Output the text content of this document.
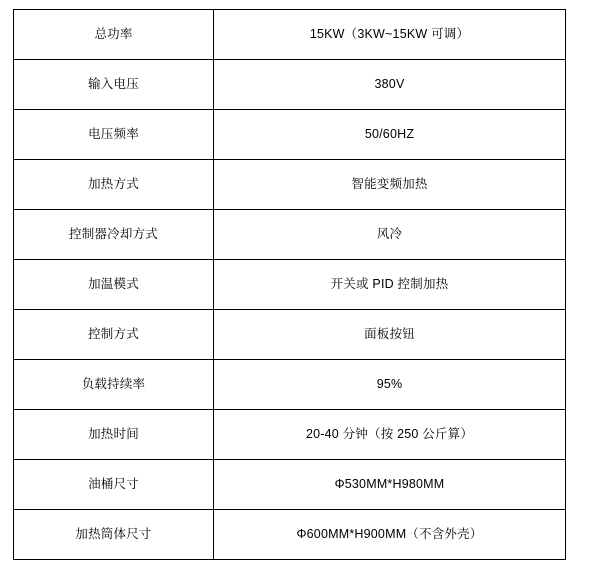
总功率	15KW（3KW~15KW 可调）
输入电压	380V
电压频率	50/60HZ
加热方式	智能变频加热
控制器冷却方式	风冷
加温模式	开关或 PID 控制加热
控制方式	面板按钮
负载持续率	95%
加热时间	20-40 分钟（按 250 公斤算）
油桶尺寸	Φ530MM*H980MM
加热筒体尺寸	Φ600MM*H900MM（不含外壳）
